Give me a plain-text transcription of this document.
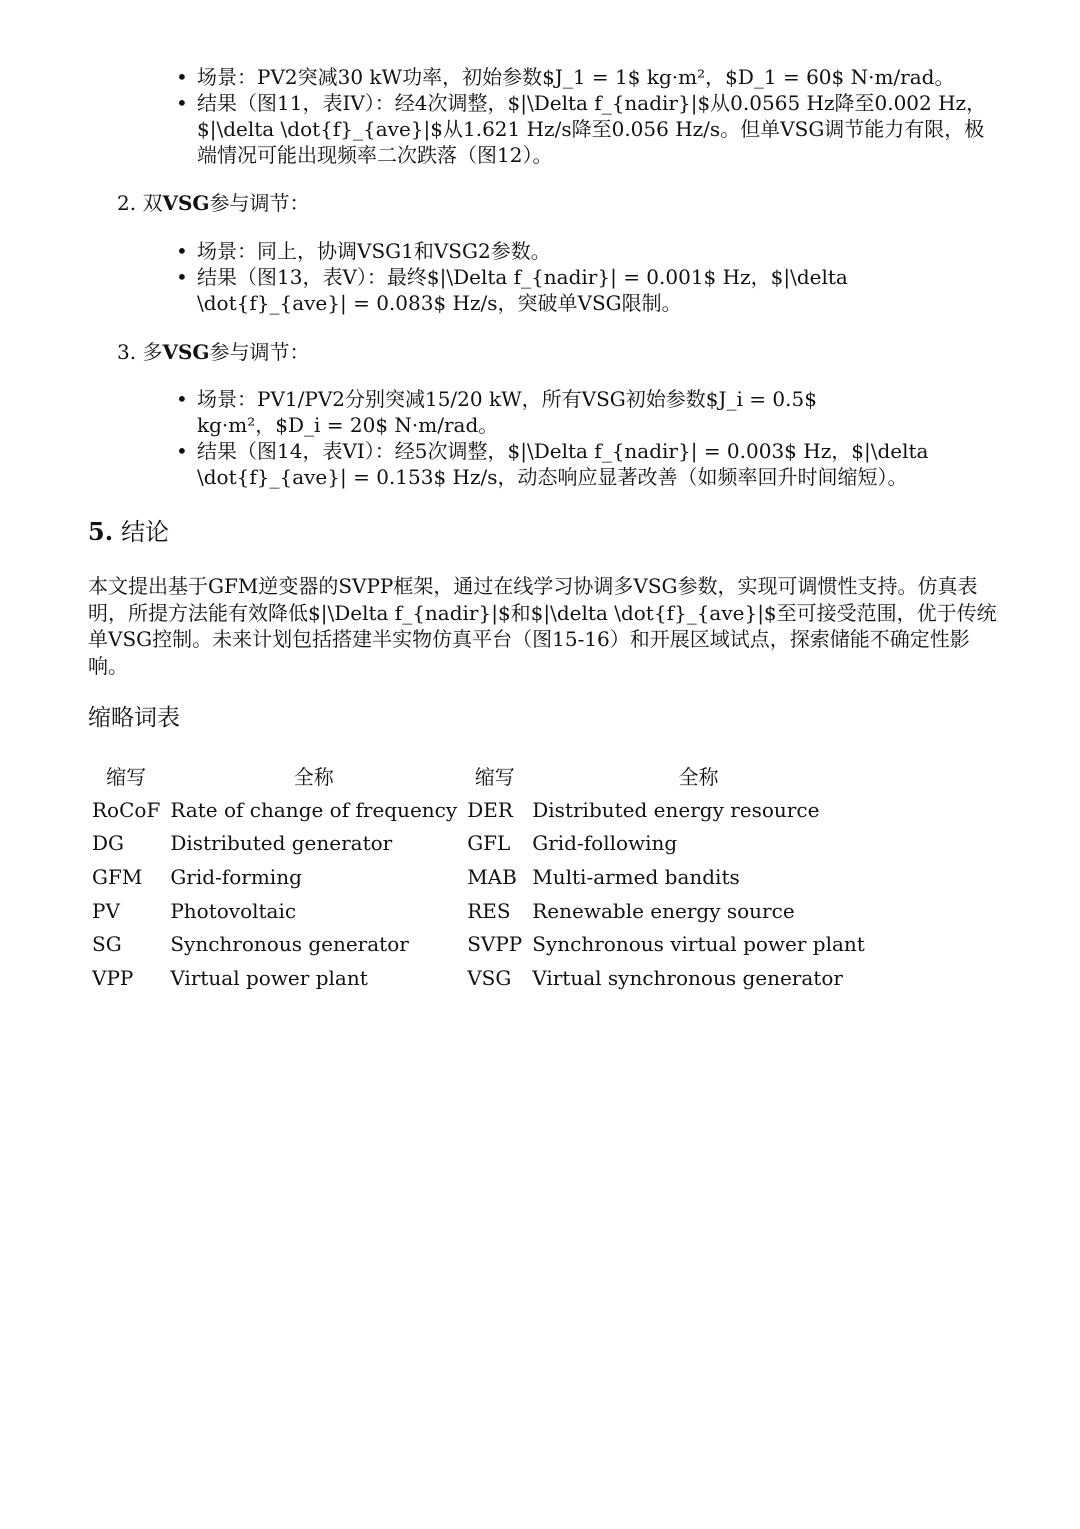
• 场景：PV2突减30 kW功率，初始参数$J_1 = 1$ kg·m²，$D_1 = 60$ N·m/rad。
• 结果（图11，表IV）：经4次调整，$|\Delta f_{nadir}|$从0.0565 Hz降至0.002 Hz，$|\delta \dot{f}_{ave}|$从1.621 Hz/s降至0.056 Hz/s。但单VSG调节能力有限，极端情况可能出现频率二次跌落（图12）。
2. 双VSG参与调节：
• 场景：同上，协调VSG1和VSG2参数。
• 结果（图13，表V）：最终$|\Delta f_{nadir}| = 0.001$ Hz，$|\delta \dot{f}_{ave}| = 0.083$ Hz/s，突破单VSG限制。
3. 多VSG参与调节：
• 场景：PV1/PV2分别突减15/20 kW，所有VSG初始参数$J_i = 0.5$ kg·m²，$D_i = 20$ N·m/rad。
• 结果（图14，表VI）：经5次调整，$|\Delta f_{nadir}| = 0.003$ Hz，$|\delta \dot{f}_{ave}| = 0.153$ Hz/s，动态响应显著改善（如频率回升时间缩短）。
5. 结论

本文提出基于GFM逆变器的SVPP框架，通过在线学习协调多VSG参数，实现可调惯性支持。仿真表明，所提方法能有效降低$|\Delta f_{nadir}|$和$|\delta \dot{f}_{ave}|$至可接受范围，优于传统单VSG控制。未来计划包括搭建半实物仿真平台（图15-16）和开展区域试点，探索储能不确定性影响。

缩略词表
缩写	全称	缩写	全称
RoCoF	Rate of change of frequency	DER	Distributed energy resource
DG	Distributed generator	GFL	Grid-following
GFM	Grid-forming	MAB	Multi-armed bandits
PV	Photovoltaic	RES	Renewable energy source
SG	Synchronous generator	SVPP	Synchronous virtual power plant
VPP	Virtual power plant	VSG	Virtual synchronous generator
